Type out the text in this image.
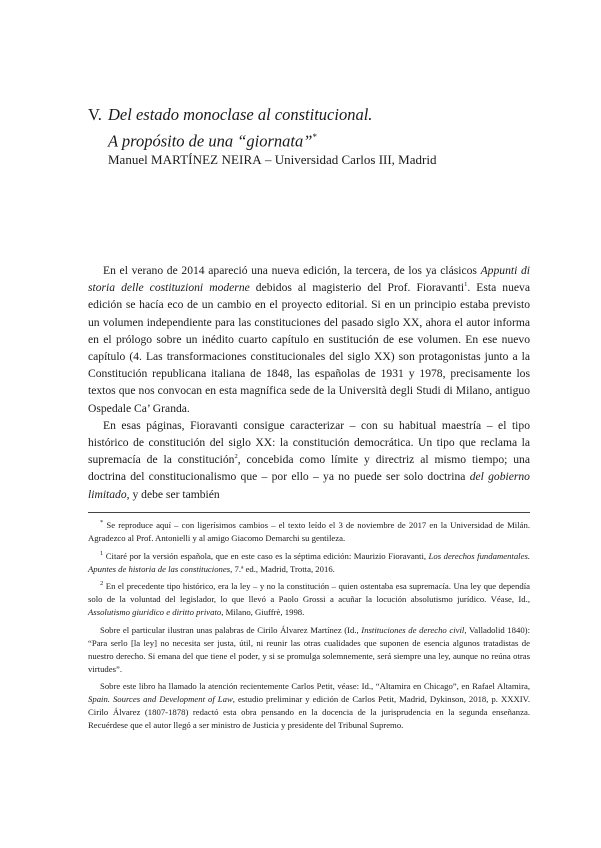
V. Del estado monoclase al constitucional.
A propósito de una “giornata”*
Manuel MARTÍNEZ NEIRA – Universidad Carlos III, Madrid

En el verano de 2014 apareció una nueva edición, la tercera, de los ya clásicos Appunti di storia delle costituzioni moderne debidos al magisterio del Prof. Fioravanti$^1$. Esta nueva edición se hacía eco de un cambio en el proyecto editorial. Si en un principio estaba previsto un volumen independiente para las constituciones del pasado siglo XX, ahora el autor informa en el prólogo sobre un inédito cuarto capítulo en sustitución de ese volumen. En ese nuevo capítulo (4. Las transformaciones constitucionales del siglo XX) son protagonistas junto a la Constitución republicana italiana de 1848, las españolas de 1931 y 1978, precisamente los textos que nos convocan en esta magnífica sede de la Università degli Studi di Milano, antiguo Ospedale Ca’ Granda.

En esas páginas, Fioravanti consigue caracterizar – con su habitual maestría – el tipo histórico de constitución del siglo XX: la constitución democrática. Un tipo que reclama la supremacía de la constitución$^2$, concebida como límite y directriz al mismo tiempo; una doctrina del constitucionalismo que – por ello – ya no puede ser solo doctrina del gobierno limitado, y debe ser también

* Se reproduce aquí – con ligerísimos cambios – el texto leído el 3 de noviembre de 2017 en la Universidad de Milán. Agradezco al Prof. Antonielli y al amigo Giacomo Demarchi su gentileza.

$^1$ Citaré por la versión española, que en este caso es la séptima edición: Maurizio Fioravanti, Los derechos fundamentales. Apuntes de historia de las constituciones, 7.ª ed., Madrid, Trotta, 2016.

$^2$ En el precedente tipo histórico, era la ley – y no la constitución – quien ostentaba esa supremacía. Una ley que dependía solo de la voluntad del legislador, lo que llevó a Paolo Grossi a acuñar la locución absolutismo jurídico. Véase, Id., Assolutismo giuridico e diritto privato, Milano, Giuffrè, 1998.

Sobre el particular ilustran unas palabras de Cirilo Álvarez Martínez (Id., Instituciones de derecho civil, Valladolid 1840): “Para serlo [la ley] no necesita ser justa, útil, ni reunir las otras cualidades que suponen de esencia algunos tratadistas de nuestro derecho. Si emana del que tiene el poder, y si se promulga solemnemente, será siempre una ley, aunque no reúna otras virtudes”.

Sobre este libro ha llamado la atención recientemente Carlos Petit, véase: Id., “Altamira en Chicago”, en Rafael Altamira, Spain. Sources and Development of Law, estudio preliminar y edición de Carlos Petit, Madrid, Dykinson, 2018, p. XXXIV. Cirilo Álvarez (1807-1878) redactó esta obra pensando en la docencia de la jurisprudencia en la segunda enseñanza. Recuérdese que el autor llegó a ser ministro de Justicia y presidente del Tribunal Supremo.
